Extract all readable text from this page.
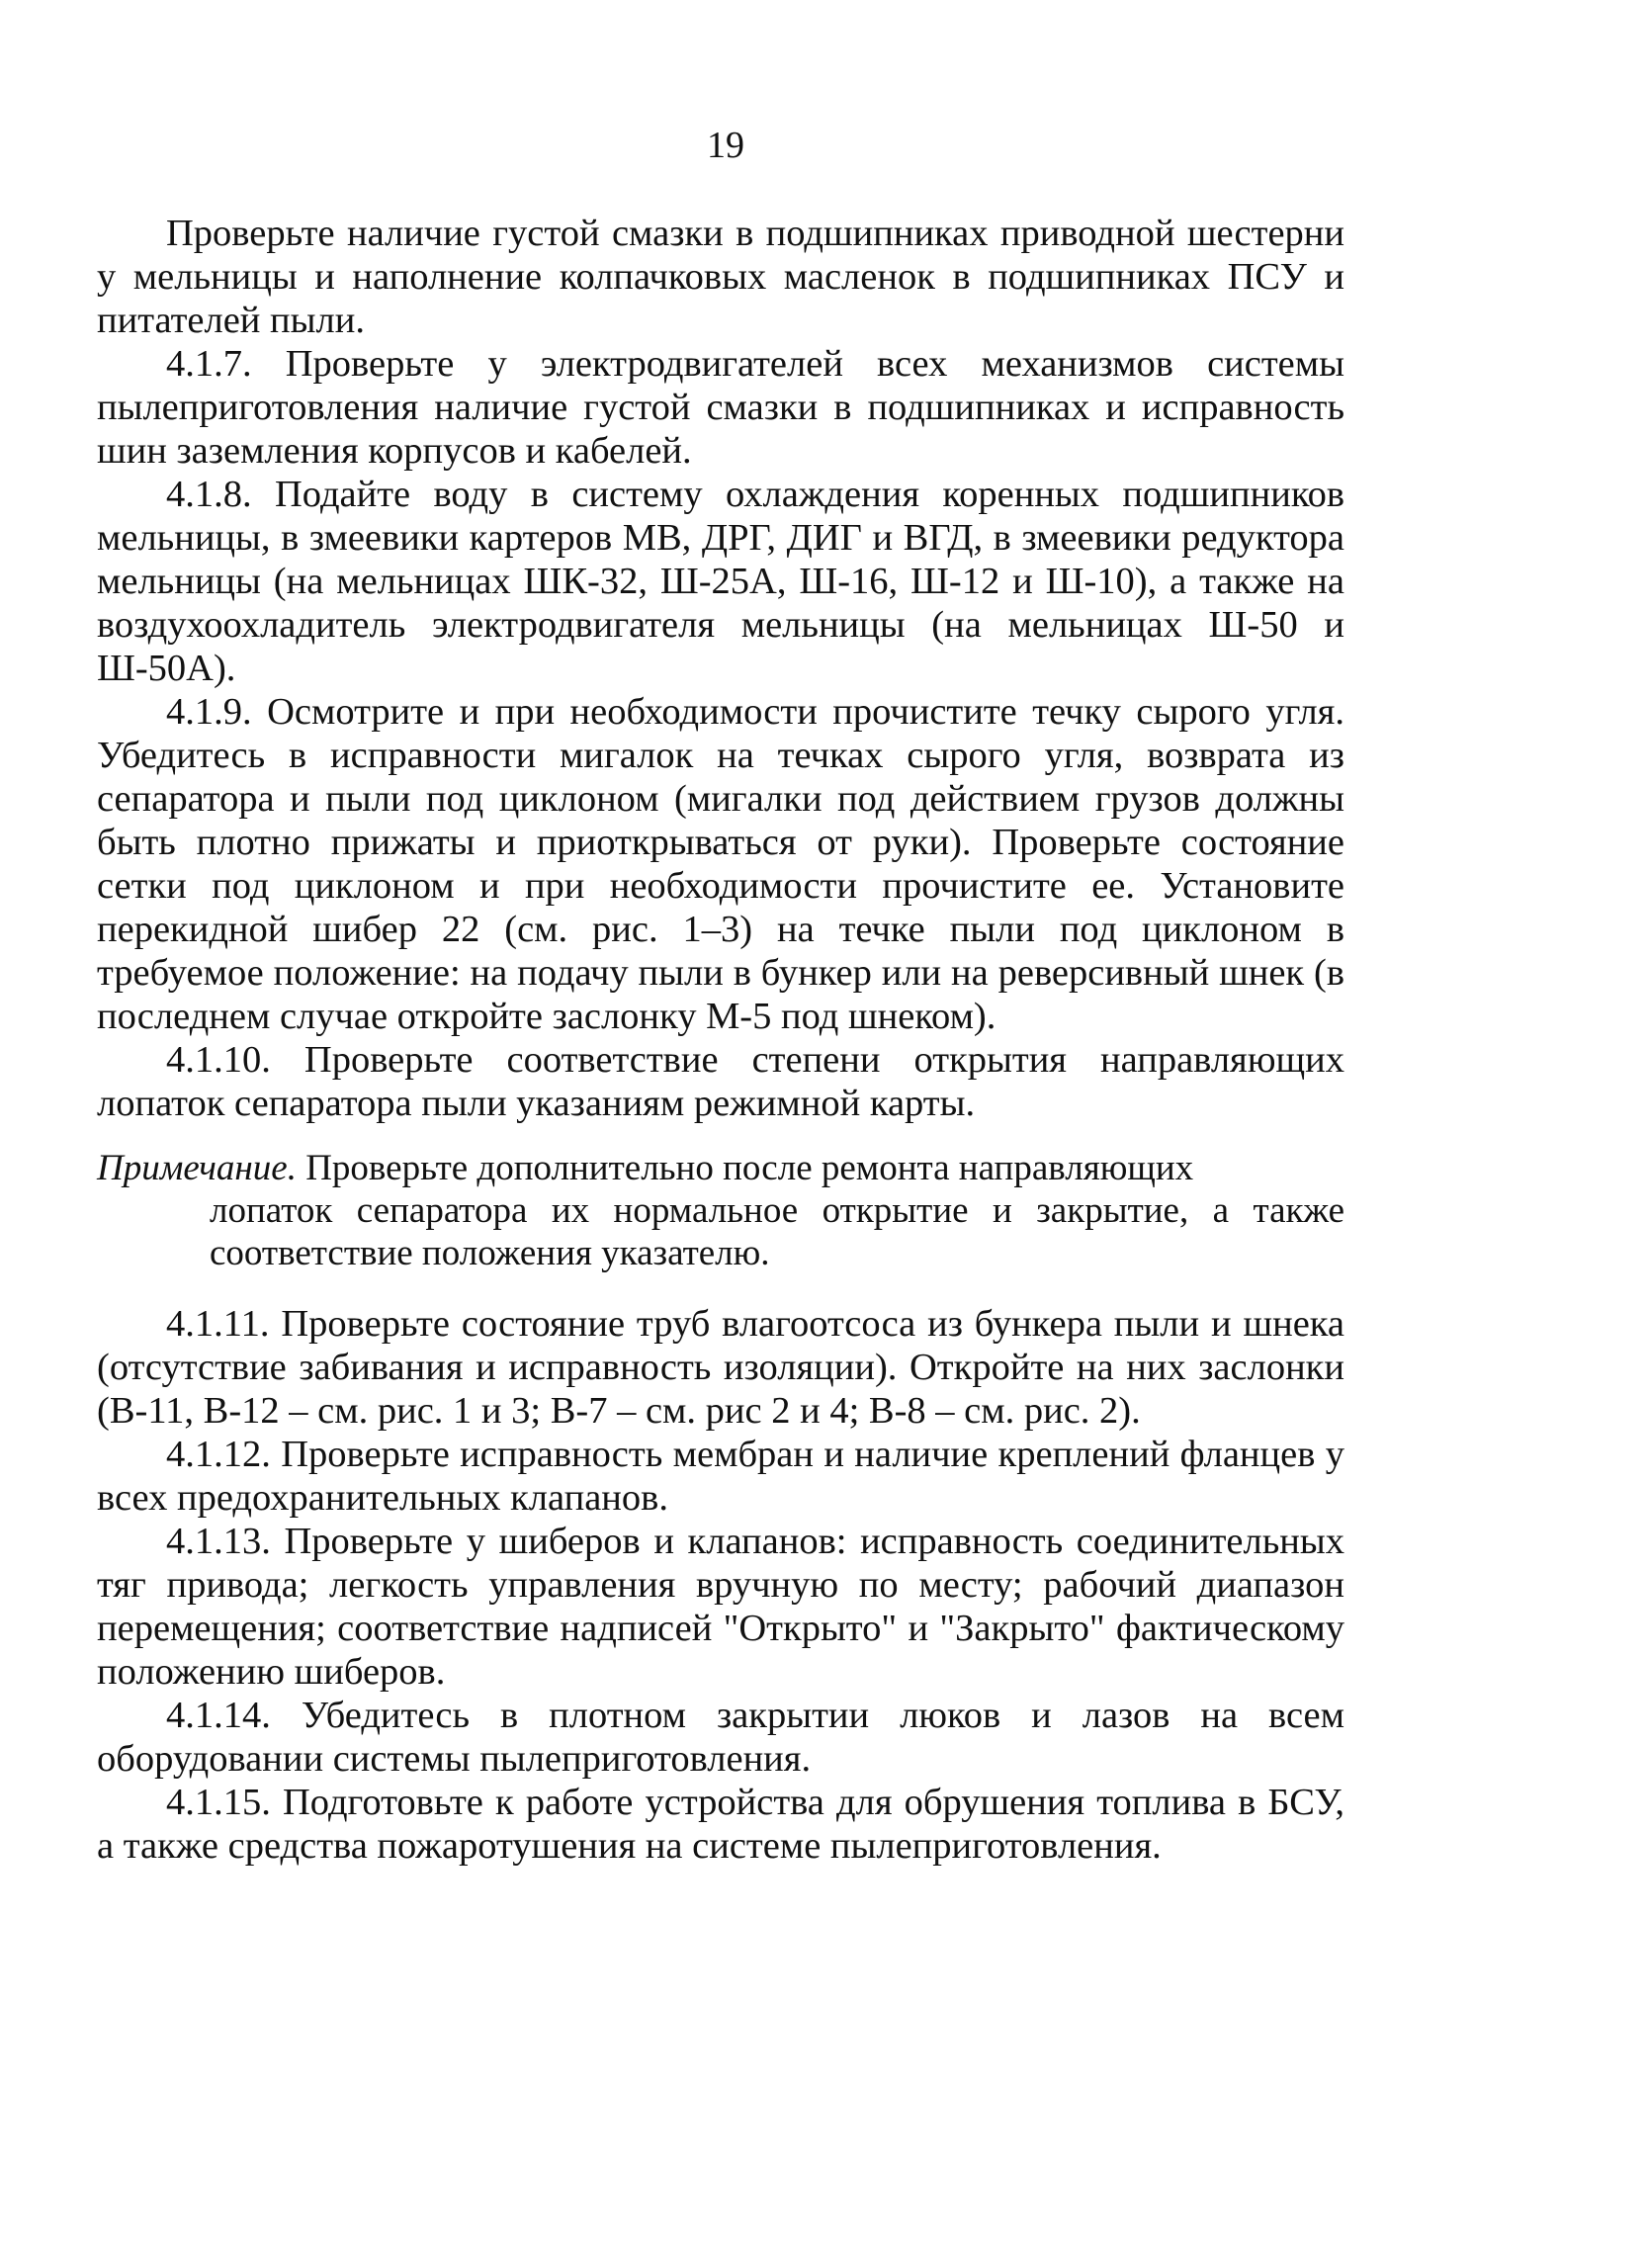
19

Проверьте наличие густой смазки в подшипниках приводной шестерни у мельницы и наполнение колпачковых масленок в подшипниках ПСУ и питателей пыли.

4.1.7. Проверьте у электродвигателей всех механизмов системы пылеприготовления наличие густой смазки в подшипниках и исправность шин заземления корпусов и кабелей.

4.1.8. Подайте воду в систему охлаждения коренных подшипников мельницы, в змеевики картеров МВ, ДРГ, ДИГ и ВГД, в змеевики редуктора мельницы (на мельницах ШК-32, Ш-25А, Ш-16, Ш-12 и Ш-10), а также на воздухоохладитель электродвигателя мельницы (на мельницах Ш-50 и Ш-50А).

4.1.9. Осмотрите и при необходимости прочистите течку сырого угля. Убедитесь в исправности мигалок на течках сырого угля, возврата из сепаратора и пыли под циклоном (мигалки под действием грузов должны быть плотно прижаты и приоткрываться от руки). Проверьте состояние сетки под циклоном и при необходимости прочистите ее. Установите перекидной шибер 22 (см. рис. 1–3) на течке пыли под циклоном в требуемое положение: на подачу пыли в бункер или на реверсивный шнек (в последнем случае откройте заслонку М-5 под шнеком).

4.1.10. Проверьте соответствие степени открытия направляющих лопаток сепаратора пыли указаниям режимной карты.

Примечание. Проверьте дополнительно после ремонта направляющих

лопаток сепаратора их нормальное открытие и закрытие, а также соответствие положения указателю.

4.1.11. Проверьте состояние труб влагоотсоса из бункера пыли и шнека (отсутствие забивания и исправность изоляции). Откройте на них заслонки (В-11, В-12 – см. рис. 1 и 3; В-7 – см. рис 2 и 4; В-8 – см. рис. 2).

4.1.12. Проверьте исправность мембран и наличие креплений фланцев у всех предохранительных клапанов.

4.1.13. Проверьте у шиберов и клапанов: исправность соединительных тяг привода; легкость управления вручную по месту; рабочий диапазон перемещения; соответствие надписей "Открыто" и "Закрыто" фактическому положению шиберов.

4.1.14. Убедитесь в плотном закрытии люков и лазов на всем оборудовании системы пылеприготовления.

4.1.15. Подготовьте к работе устройства для обрушения топлива в БСУ, а также средства пожаротушения на системе пылеприготовления.
